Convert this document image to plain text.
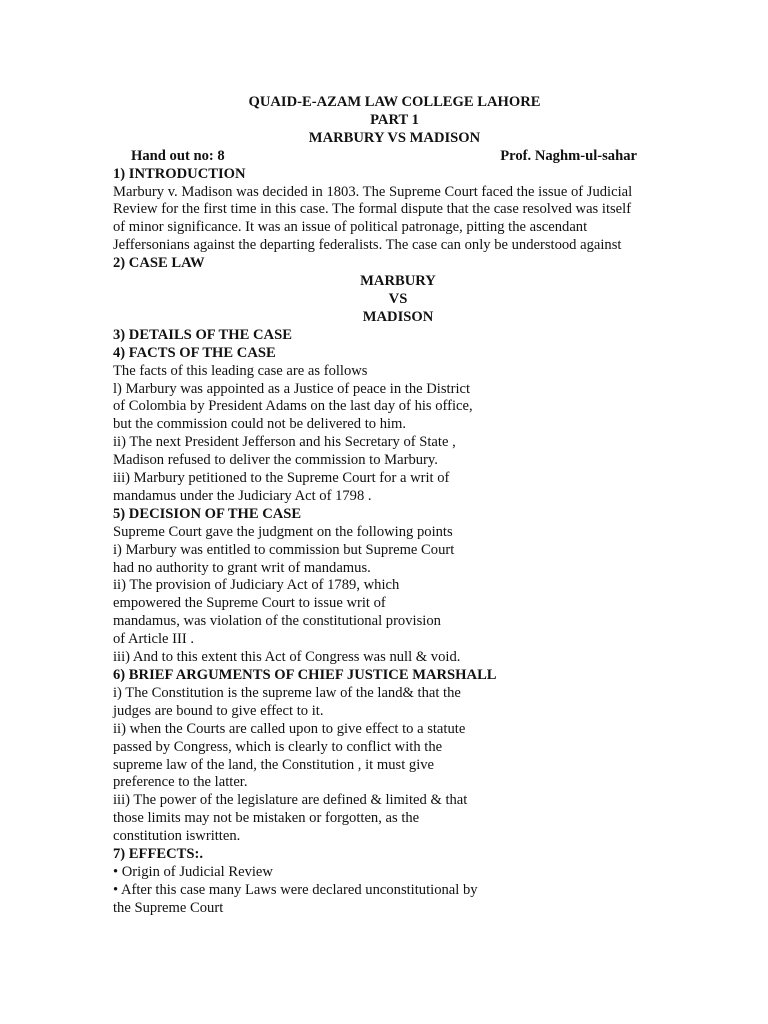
QUAID-E-AZAM LAW COLLEGE LAHORE
PART 1
MARBURY VS MADISON
Hand out no: 8	Prof. Naghm-ul-sahar
1) INTRODUCTION
Marbury v. Madison was decided in 1803. The Supreme Court faced the issue of Judicial
Review for the first time in this case. The formal dispute that the case resolved was itself
of minor significance. It was an issue of political patronage, pitting the ascendant
Jeffersonians against the departing federalists. The case can only be understood against
2) CASE LAW
MARBURY
VS
MADISON
3) DETAILS OF THE CASE
4) FACTS OF THE CASE
The facts of this leading case are as follows
l) Marbury was appointed as a Justice of peace in the District
of Colombia by President Adams on the last day of his office,
but the commission could not be delivered to him.
ii) The next President Jefferson and his Secretary of State ,
Madison refused to deliver the commission to Marbury.
iii) Marbury petitioned to the Supreme Court for a writ of
mandamus under the Judiciary Act of 1798 .
5) DECISION OF THE CASE
Supreme Court gave the judgment on the following points
i) Marbury was entitled to commission but Supreme Court
had no authority to grant writ of mandamus.
ii) The provision of Judiciary Act of 1789, which
empowered the Supreme Court to issue writ of
mandamus, was violation of the constitutional provision
of Article III .
iii) And to this extent this Act of Congress was null & void.
6) BRIEF ARGUMENTS OF CHIEF JUSTICE MARSHALL
i) The Constitution is the supreme law of the land& that the
judges are bound to give effect to it.
ii) when the Courts are called upon to give effect to a statute
passed by Congress, which is clearly to conflict with the
supreme law of the land, the Constitution , it must give
preference to the latter.
iii) The power of the legislature are defined & limited & that
those limits may not be mistaken or forgotten, as the
constitution iswritten.
7) EFFECTS:.
• Origin of Judicial Review
• After this case many Laws were declared unconstitutional by
the Supreme Court
